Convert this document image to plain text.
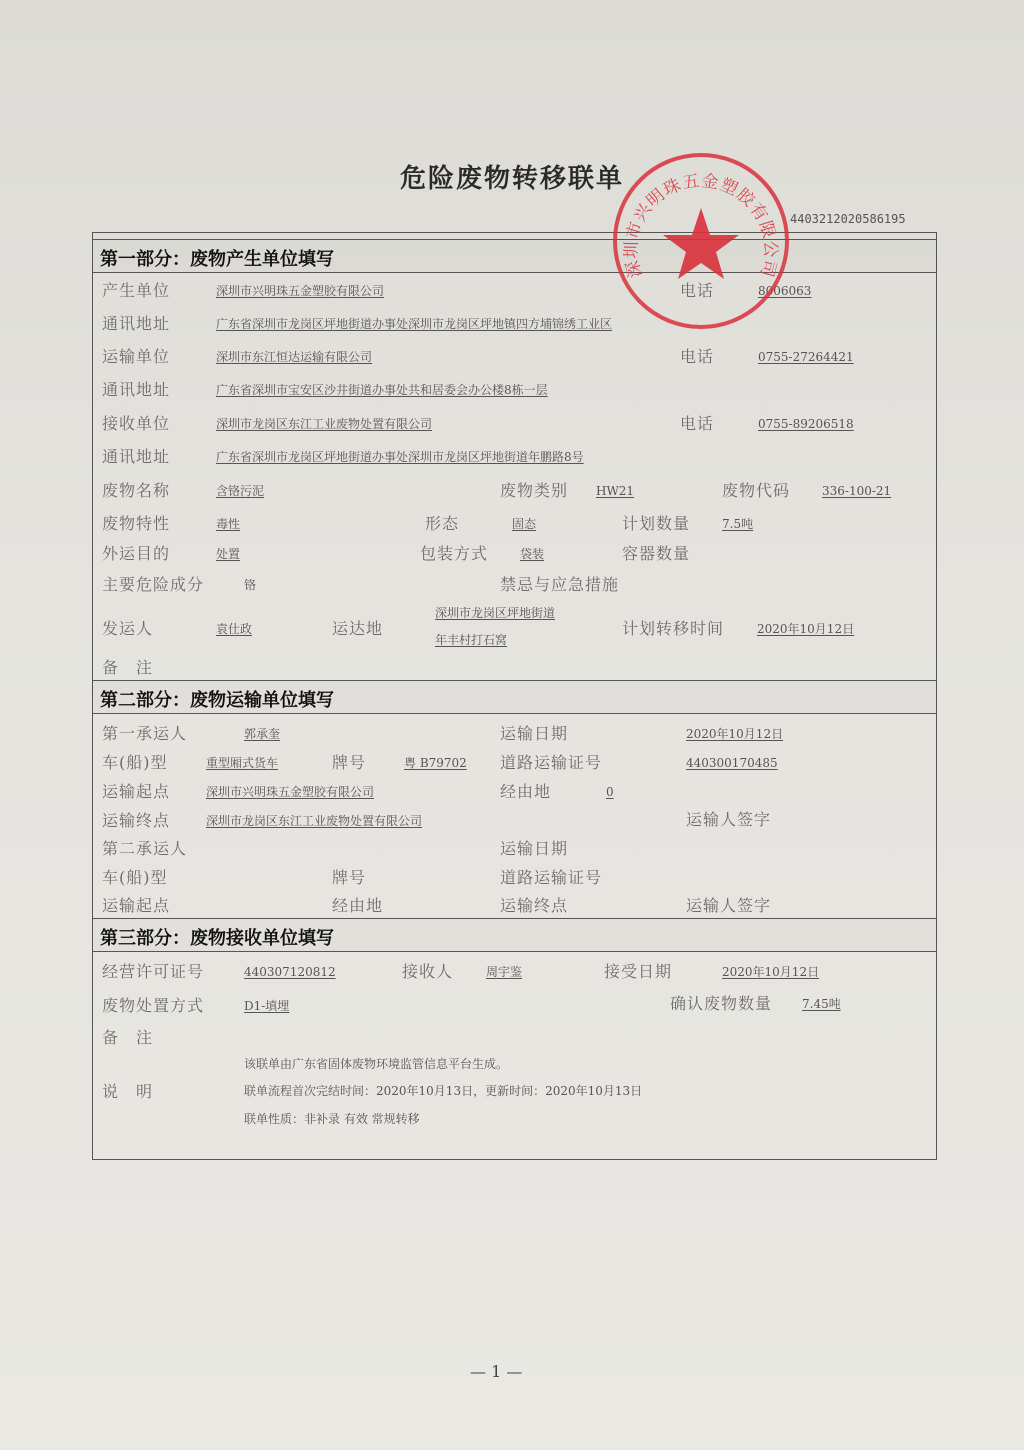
危险废物转移联单
4403212020586195
第一部分：废物产生单位填写
产生单位	深圳市兴明珠五金塑胶有限公司	电话	8006063
通讯地址	广东省深圳市龙岗区坪地街道办事处深圳市龙岗区坪地镇四方埔锦绣工业区
运输单位	深圳市东江恒达运输有限公司	电话	0755-27264421
通讯地址	广东省深圳市宝安区沙井街道办事处共和居委会办公楼8栋一层
接收单位	深圳市龙岗区东江工业废物处置有限公司	电话	0755-89206518
通讯地址	广东省深圳市龙岗区坪地街道办事处深圳市龙岗区坪地街道年鹏路8号
废物名称	含铬污泥	废物类别 HW21	废物代码	336-100-21
废物特性	毒性	形态	固态	计划数量	7.5吨
外运目的	处置	包装方式	袋装	容器数量
主要危险成分	铬	禁忌与应急措施
发运人	袁仕政	运达地
深圳市龙岗区坪地街道
年丰村打石窝
计划转移时间	2020年10月12日
备　注
第二部分：废物运输单位填写
第一承运人	郭承奎	运输日期	2020年10月12日
车(船)型	重型厢式货车	牌号	粤 B79702 道路运输证号	440300170485
运输起点	深圳市兴明珠五金塑胶有限公司	经由地	0
运输终点	深圳市龙岗区东江工业废物处置有限公司	运输人签字
第二承运人	运输日期
车(船)型	牌号	道路运输证号
运输起点	经由地	运输终点	运输人签字
第三部分：废物接收单位填写
经营许可证号	440307120812	接收人	周宇鉴	接受日期	2020年10月12日
废物处置方式	D1-填埋	确认废物数量 7.45吨
备　注
说　明
该联单由广东省固体废物环境监管信息平台生成。
联单流程首次完结时间：2020年10月13日，更新时间：2020年10月13日
联单性质：非补录 有效 常规转移
— 1 —
深圳市兴明珠五金塑胶有限公司
